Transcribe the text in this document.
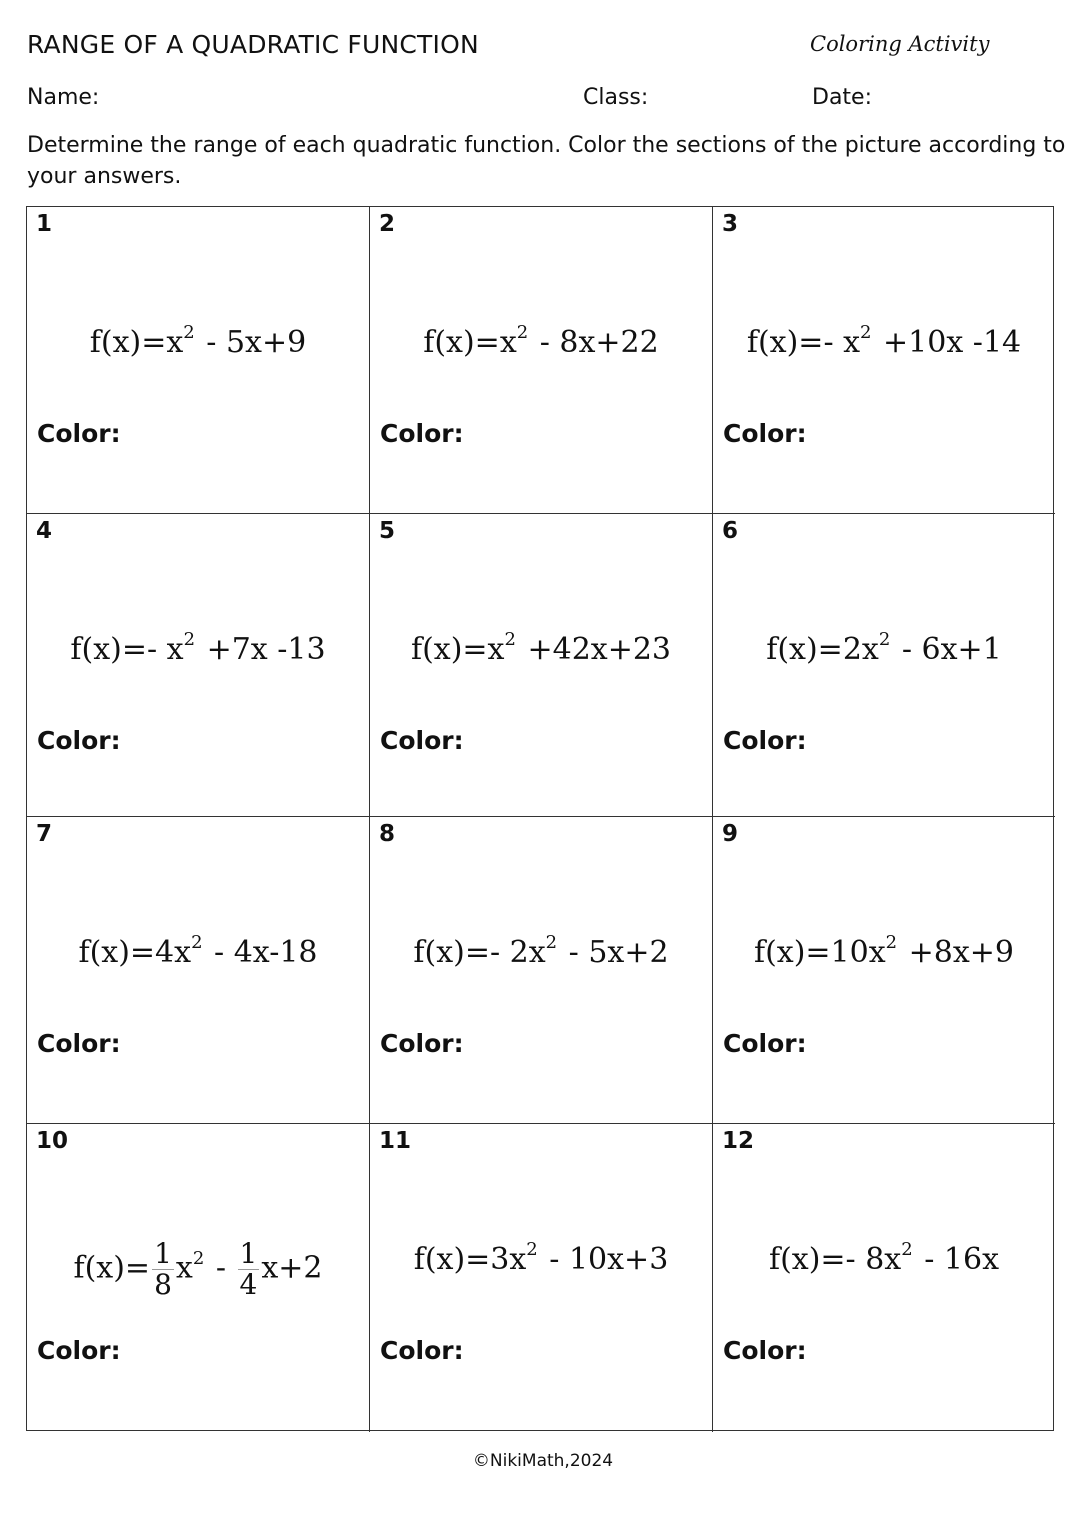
RANGE OF A QUADRATIC FUNCTION	Coloring Activity
Name:	Class:	Date:
Determine the range of each quadratic function. Color the sections of the picture according to your answers.
1
$f(x)=x^2 - 5x+9$
Color:
2
$f(x)=x^2 - 8x+22$
Color:
3
f(x)=- $x^2 +10x$ -14
Color:
4
f(x)=- $x^2 +7x$ -13
Color:
5
$f(x)=x^2 +42x+23$
Color:
6
$f(x)=2x^2 - 6x+1$
Color:
7
$f(x)=4x^2 - 4x-18$
Color:
8
f(x)=- $2x^2 - 5x+2$
Color:
9
$f(x)=10x^2 +8x+9$
Color:
10
$f(x)= \frac{1}{8} x^2 - \frac{1}{4} x+2$
Color:
11
$f(x)=3x^2 - 10x+3$
Color:
12
f(x)=- $8x^2 - 16x$
Color:
©NikiMath,2024
